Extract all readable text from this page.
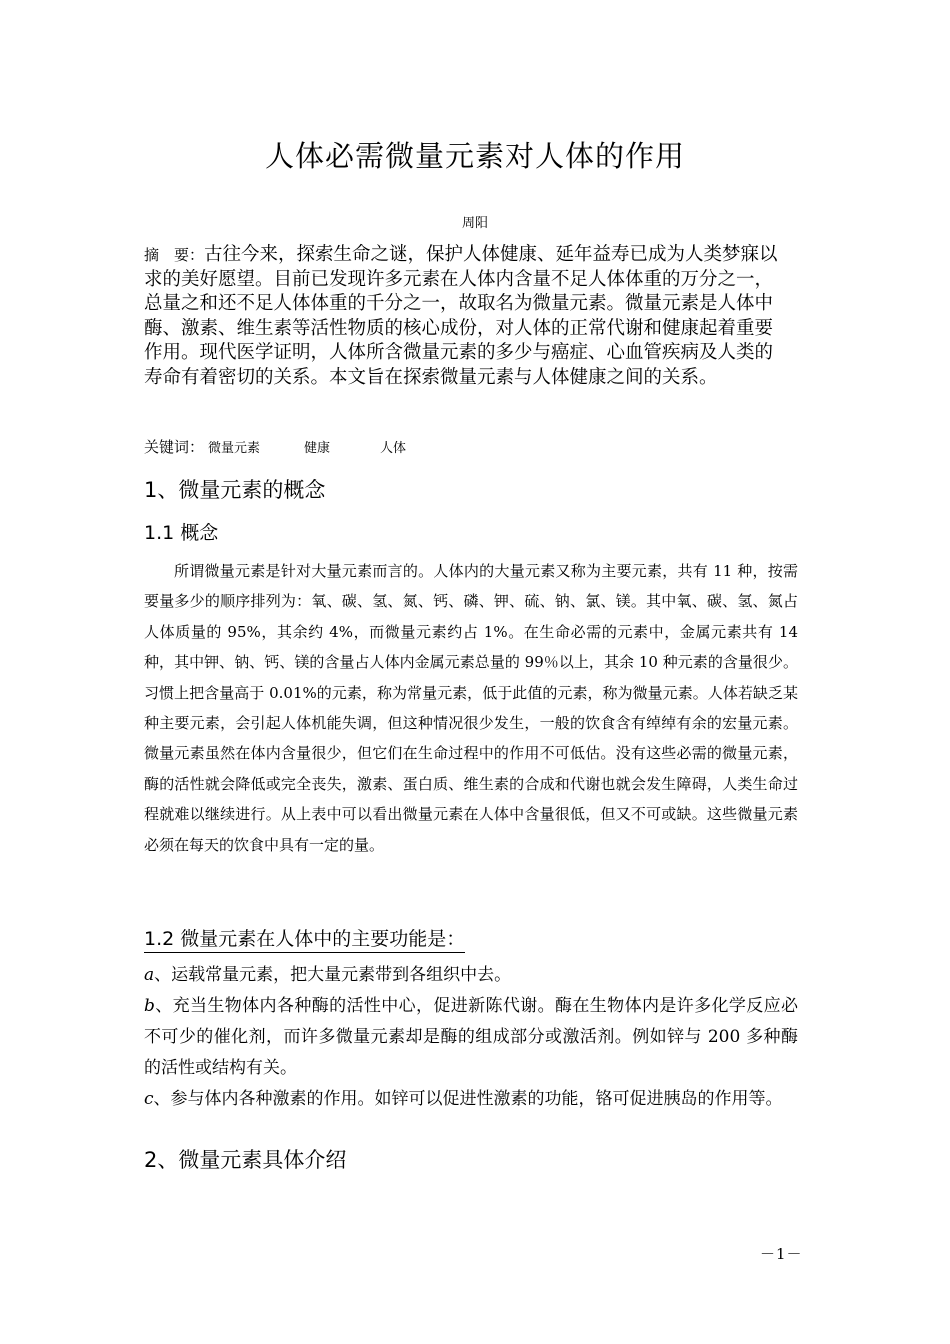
人体必需微量元素对人体的作用
周阳
摘　要：古往今来，探索生命之谜，保护人体健康、延年益寿已成为人类梦寐以求的美好愿望。目前已发现许多元素在人体内含量不足人体体重的万分之一，总量之和还不足人体体重的千分之一，故取名为微量元素。微量元素是人体中酶、激素、维生素等活性物质的核心成份，对人体的正常代谢和健康起着重要作用。现代医学证明，人体所含微量元素的多少与癌症、心血管疾病及人类的寿命有着密切的关系。本文旨在探索微量元素与人体健康之间的关系。
关键词： 微量元素	健康	人体
1、微量元素的概念
1.1 概念
所谓微量元素是针对大量元素而言的。人体内的大量元素又称为主要元素，共有 11 种，按需要量多少的顺序排列为：氧、碳、氢、氮、钙、磷、钾、硫、钠、氯、镁。其中氧、碳、氢、氮占人体质量的 95%，其余约 4%，而微量元素约占 1%。在生命必需的元素中，金属元素共有 14 种，其中钾、钠、钙、镁的含量占人体内金属元素总量的 99％以上，其余 10 种元素的含量很少。习惯上把含量高于 0.01%的元素，称为常量元素，低于此值的元素，称为微量元素。人体若缺乏某种主要元素，会引起人体机能失调，但这种情况很少发生，一般的饮食含有绰绰有余的宏量元素。微量元素虽然在体内含量很少，但它们在生命过程中的作用不可低估。没有这些必需的微量元素，酶的活性就会降低或完全丧失，激素、蛋白质、维生素的合成和代谢也就会发生障碍，人类生命过程就难以继续进行。从上表中可以看出微量元素在人体中含量很低，但又不可或缺。这些微量元素必须在每天的饮食中具有一定的量。
1.2 微量元素在人体中的主要功能是：

a、运载常量元素，把大量元素带到各组织中去。

b、充当生物体内各种酶的活性中心，促进新陈代谢。酶在生物体内是许多化学反应必不可少的催化剂，而许多微量元素却是酶的组成部分或激活剂。例如锌与 200 多种酶的活性或结构有关。

c、参与体内各种激素的作用。如锌可以促进性激素的功能，铬可促进胰岛的作用等。

2、微量元素具体介绍
－1－
